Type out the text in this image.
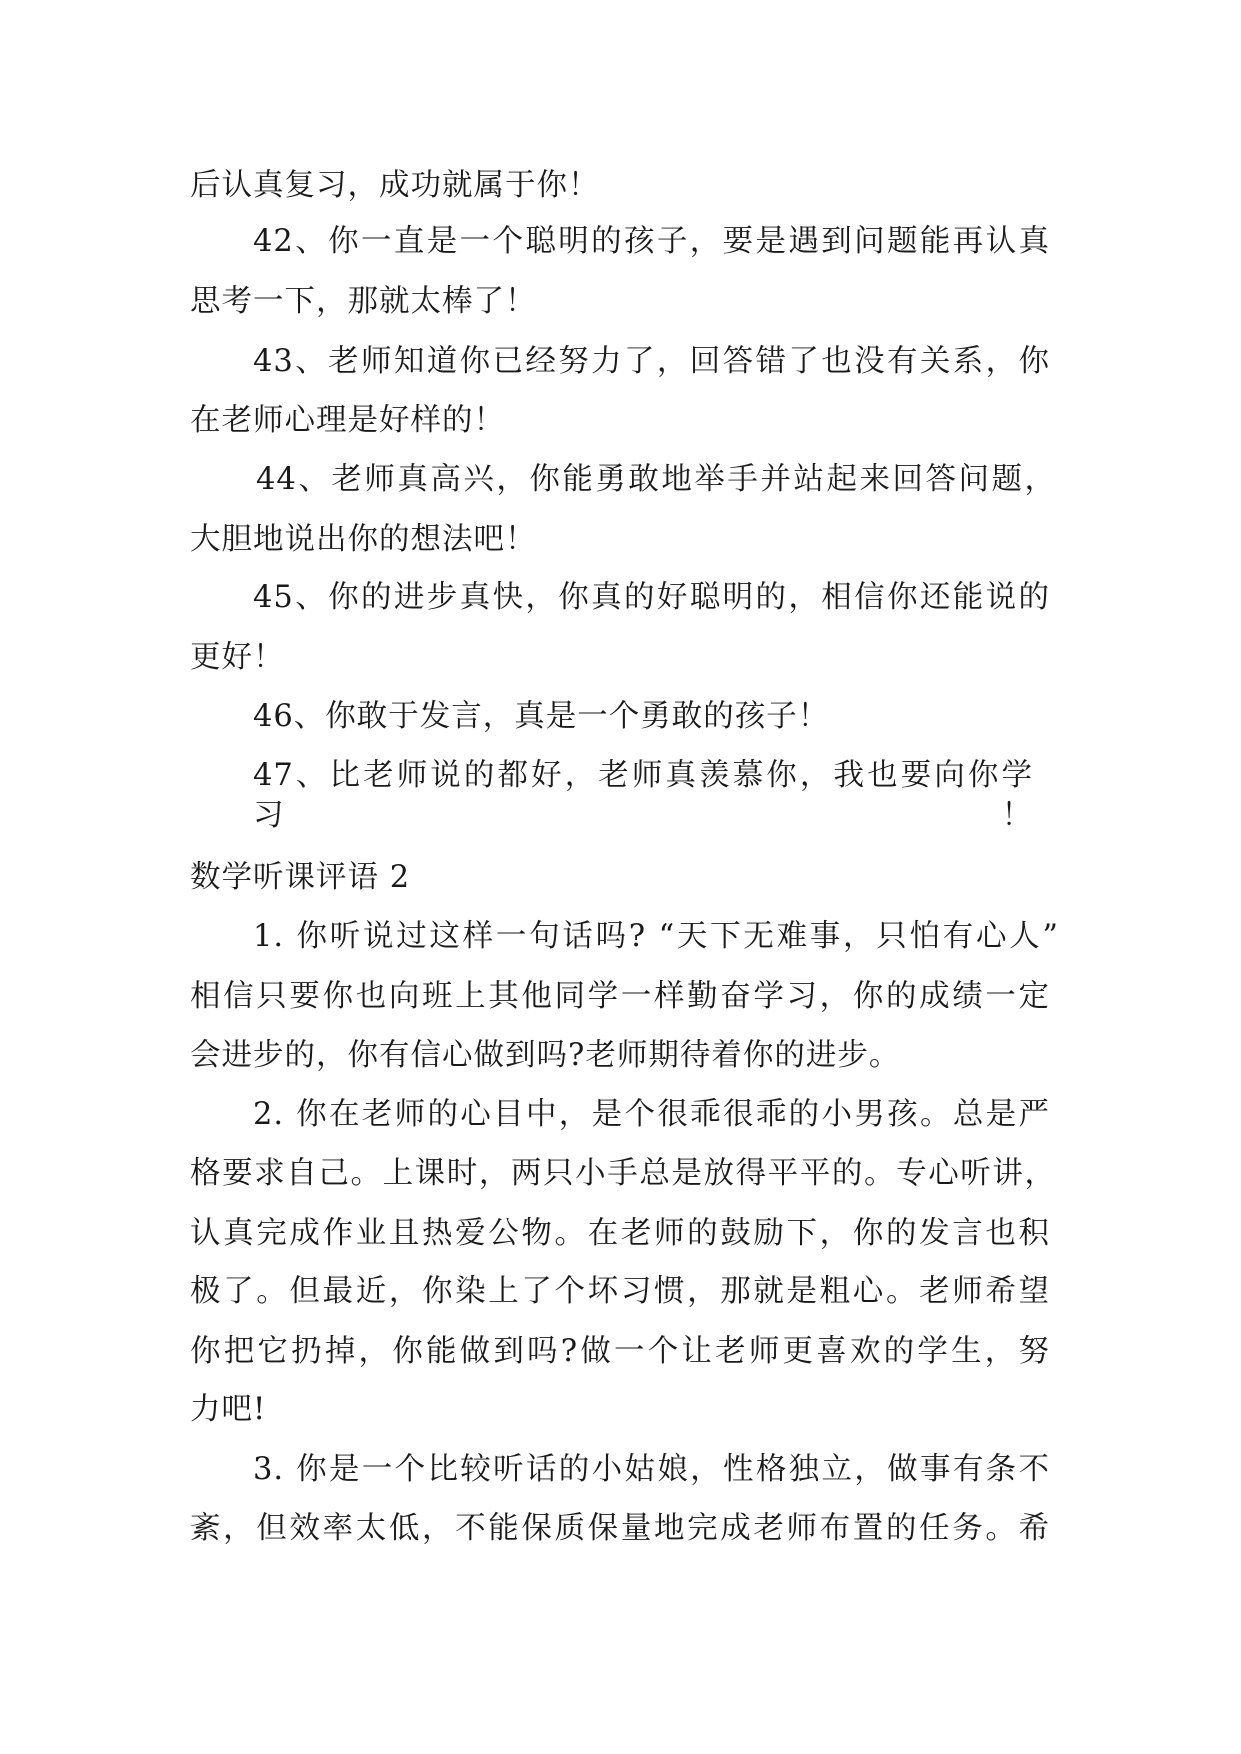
后认真复习，成功就属于你！
42、你一直是一个聪明的孩子，要是遇到问题能再认真
思考一下，那就太棒了！
43、老师知道你已经努力了，回答错了也没有关系，你
在老师心理是好样的！
44、老师真高兴，你能勇敢地举手并站起来回答问题，
大胆地说出你的想法吧！
45、你的进步真快，你真的好聪明的，相信你还能说的
更好！
46、你敢于发言，真是一个勇敢的孩子！
47、比老师说的都好，老师真羡慕你，我也要向你学习！
数学听课评语 2
1. 你听说过这样一句话吗? “天下无难事，只怕有心人”
相信只要你也向班上其他同学一样勤奋学习，你的成绩一定
会进步的，你有信心做到吗?老师期待着你的进步。
2. 你在老师的心目中，是个很乖很乖的小男孩。总是严
格要求自己。上课时，两只小手总是放得平平的。专心听讲，
认真完成作业且热爱公物。在老师的鼓励下，你的发言也积
极了。但最近，你染上了个坏习惯，那就是粗心。老师希望
你把它扔掉，你能做到吗?做一个让老师更喜欢的学生，努
力吧!
3. 你是一个比较听话的小姑娘，性格独立，做事有条不
紊，但效率太低，不能保质保量地完成老师布置的任务。希
